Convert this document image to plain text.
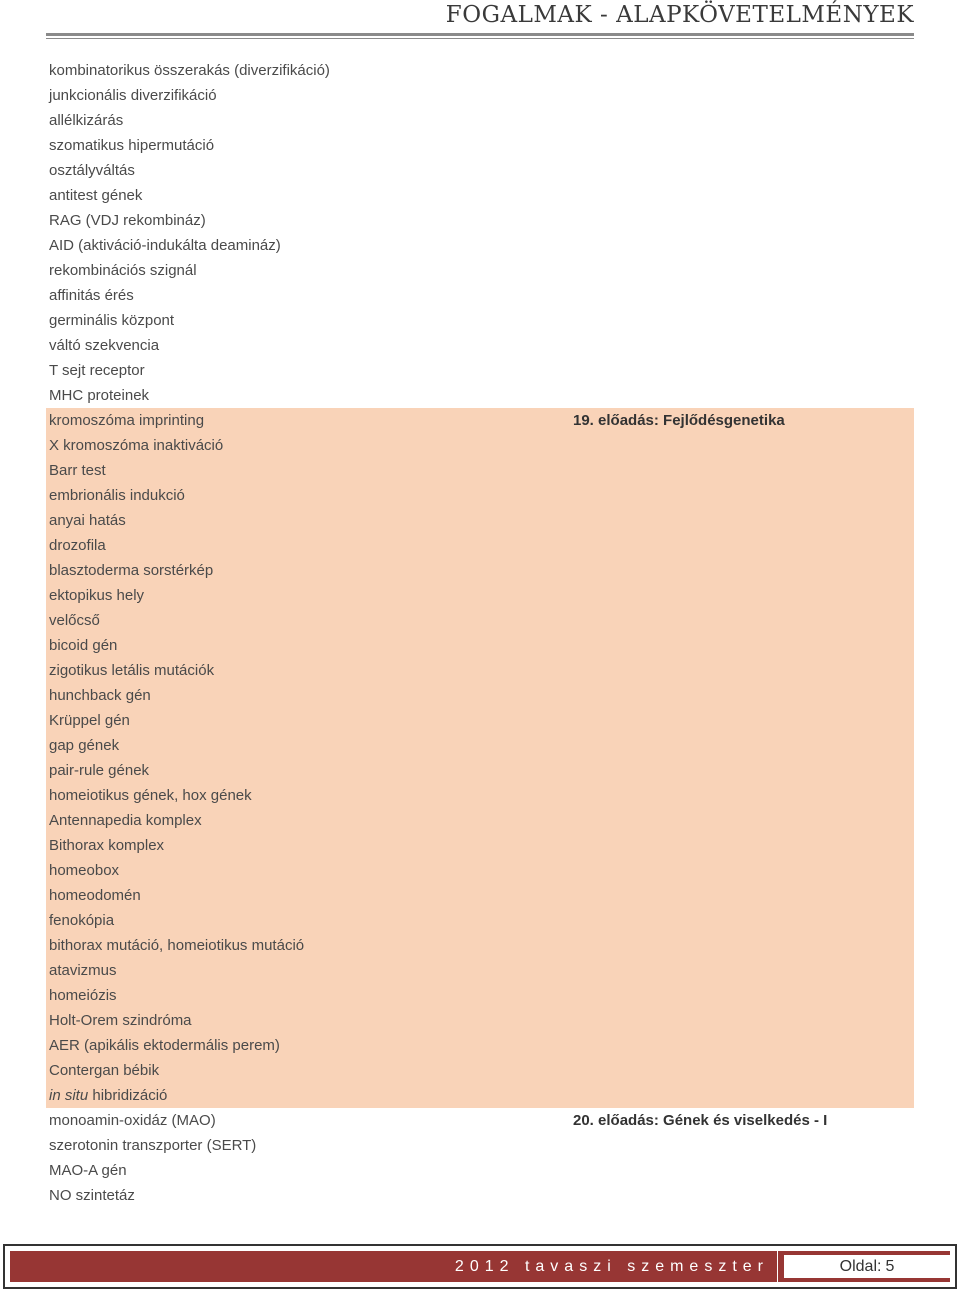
FOGALMAK - ALAPKÖVETELMÉNYEK
kombinatorikus összerakás (diverzifikáció)
junkcionális diverzifikáció
allélkizárás
szomatikus hipermutáció
osztályváltás
antitest gének
RAG (VDJ rekombináz)
AID (aktiváció-indukálta deamináz)
rekombinációs szignál
affinitás érés
germinális központ
váltó szekvencia
T sejt receptor
MHC proteinek
kromoszóma imprinting	19. előadás: Fejlődésgenetika
X kromoszóma inaktiváció
Barr test
embrionális indukció
anyai hatás
drozofila
blasztoderma sorstérkép
ektopikus hely
velőcső
bicoid gén
zigotikus letális mutációk
hunchback gén
Krüppel gén
gap gének
pair-rule gének
homeiotikus gének, hox gének
Antennapedia komplex
Bithorax komplex
homeobox
homeodomén
fenokópia
bithorax mutáció, homeiotikus mutáció
atavizmus
homeiózis
Holt-Orem szindróma
AER (apikális ektodermális perem)
Contergan bébik
in situ hibridizáció
monoamin-oxidáz (MAO)	20. előadás: Gének és viselkedés - I
szerotonin transzporter (SERT)
MAO-A gén
NO szintetáz
2012 tavaszi szemeszter	Oldal: 5
